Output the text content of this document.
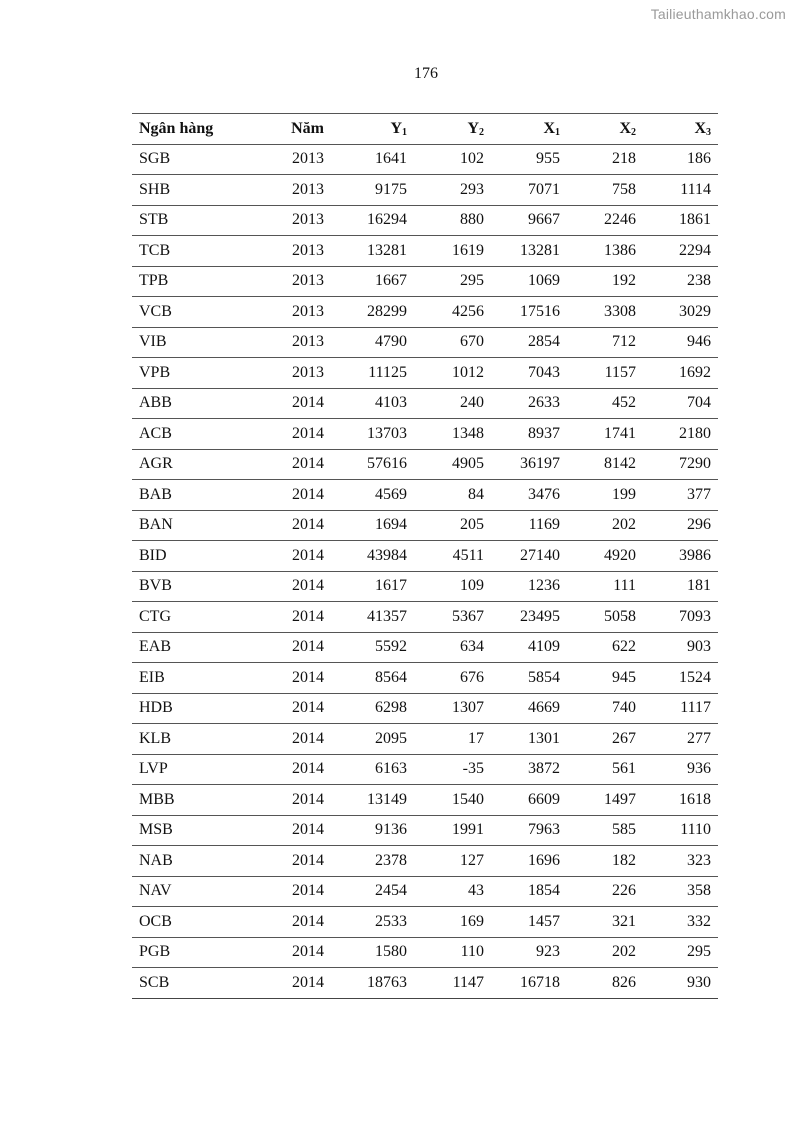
Tailieuthamkhao.com
176
Ngân hàng	Năm	$Y_1$	$Y_2$	$X_1$	$X_2$	$X_3$
SGB	2013	1641	102	955	218	186
SHB	2013	9175	293	7071	758	1114
STB	2013	16294	880	9667	2246	1861
TCB	2013	13281	1619	13281	1386	2294
TPB	2013	1667	295	1069	192	238
VCB	2013	28299	4256	17516	3308	3029
VIB	2013	4790	670	2854	712	946
VPB	2013	11125	1012	7043	1157	1692
ABB	2014	4103	240	2633	452	704
ACB	2014	13703	1348	8937	1741	2180
AGR	2014	57616	4905	36197	8142	7290
BAB	2014	4569	84	3476	199	377
BAN	2014	1694	205	1169	202	296
BID	2014	43984	4511	27140	4920	3986
BVB	2014	1617	109	1236	111	181
CTG	2014	41357	5367	23495	5058	7093
EAB	2014	5592	634	4109	622	903
EIB	2014	8564	676	5854	945	1524
HDB	2014	6298	1307	4669	740	1117
KLB	2014	2095	17	1301	267	277
LVP	2014	6163	-35	3872	561	936
MBB	2014	13149	1540	6609	1497	1618
MSB	2014	9136	1991	7963	585	1110
NAB	2014	2378	127	1696	182	323
NAV	2014	2454	43	1854	226	358
OCB	2014	2533	169	1457	321	332
PGB	2014	1580	110	923	202	295
SCB	2014	18763	1147	16718	826	930
